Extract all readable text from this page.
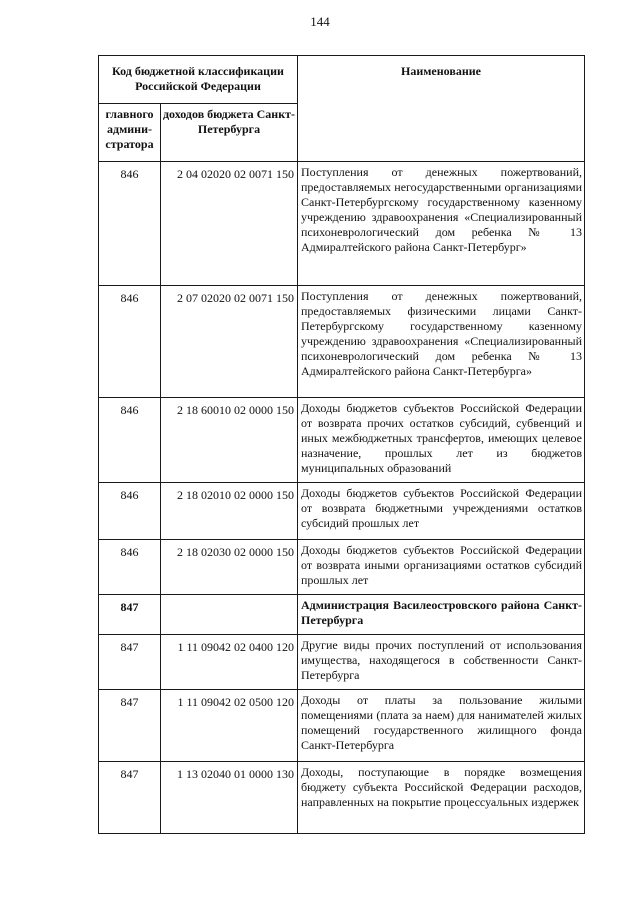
144
Код бюджетной классификации Российской Федерации		Наименование
главного админи-стратора	доходов бюджета Санкт-Петербурга	
846	2 04 02020 02 0071 150	Поступления от денежных пожертвований, предоставляемых негосударственными организациями Санкт-Петербургскому государственному казенному учреждению здравоохранения «Специализированный психоневрологический дом ребенка № 13 Адмиралтейского района Санкт-Петербург»
846	2 07 02020 02 0071 150	Поступления от денежных пожертвований, предоставляемых физическими лицами Санкт-Петербургскому государственному казенному учреждению здравоохранения «Специализированный психоневрологический дом ребенка № 13 Адмиралтейского района Санкт-Петербурга»
846	2 18 60010 02 0000 150	Доходы бюджетов субъектов Российской Федерации от возврата прочих остатков субсидий, субвенций и иных межбюджетных трансфертов, имеющих целевое назначение, прошлых лет из бюджетов муниципальных образований
846	2 18 02010 02 0000 150	Доходы бюджетов субъектов Российской Федерации от возврата бюджетными учреждениями остатков субсидий прошлых лет
846	2 18 02030 02 0000 150	Доходы бюджетов субъектов Российской Федерации от возврата иными организациями остатков субсидий прошлых лет
847		Администрация Василеостровского района Санкт-Петербурга
847	1 11 09042 02 0400 120	Другие виды прочих поступлений от использования имущества, находящегося в собственности Санкт-Петербурга
847	1 11 09042 02 0500 120	Доходы от платы за пользование жилыми помещениями (плата за наем) для нанимателей жилых помещений государственного жилищного фонда Санкт-Петербурга
847	1 13 02040 01 0000 130	Доходы, поступающие в порядке возмещения бюджету субъекта Российской Федерации расходов, направленных на покрытие процессуальных издержек
